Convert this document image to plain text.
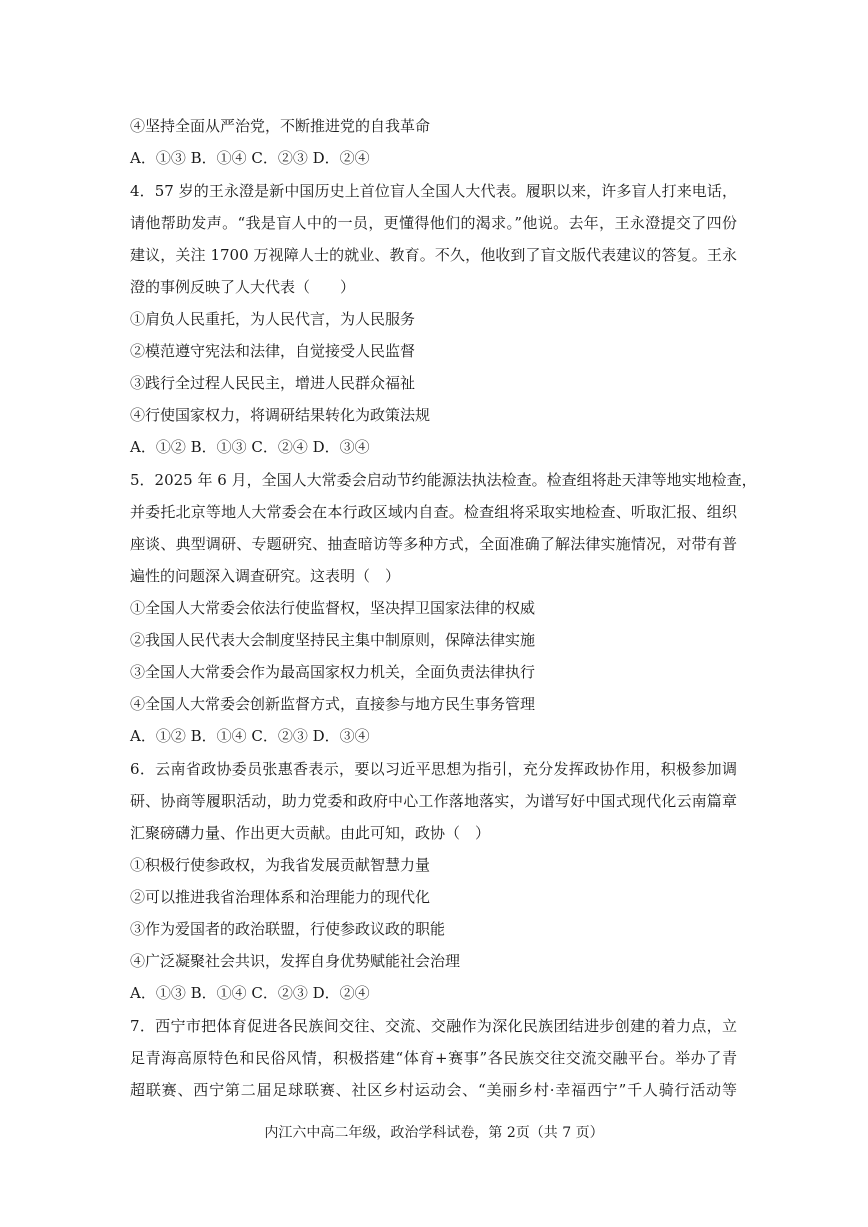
④坚持全面从严治党，不断推进党的自我革命
A．①③ B．①④ C．②③ D．②④
4．57 岁的王永澄是新中国历史上首位盲人全国人大代表。履职以来，许多盲人打来电话，
请他帮助发声。“我是盲人中的一员，更懂得他们的渴求。”他说。去年，王永澄提交了四份
建议，关注 1700 万视障人士的就业、教育。不久，他收到了盲文版代表建议的答复。王永
澄的事例反映了人大代表（　　）
①肩负人民重托，为人民代言，为人民服务
②模范遵守宪法和法律，自觉接受人民监督
③践行全过程人民民主，增进人民群众福祉
④行使国家权力，将调研结果转化为政策法规
A．①② B．①③ C．②④ D．③④
5．2025 年 6 月，全国人大常委会启动节约能源法执法检查。检查组将赴天津等地实地检查，
并委托北京等地人大常委会在本行政区域内自查。检查组将采取实地检查、听取汇报、组织
座谈、典型调研、专题研究、抽查暗访等多种方式，全面准确了解法律实施情况，对带有普
遍性的问题深入调查研究。这表明（　）
①全国人大常委会依法行使监督权，坚决捍卫国家法律的权威
②我国人民代表大会制度坚持民主集中制原则，保障法律实施
③全国人大常委会作为最高国家权力机关，全面负责法律执行
④全国人大常委会创新监督方式，直接参与地方民生事务管理
A．①② B．①④ C．②③ D．③④
6．云南省政协委员张惠香表示，要以习近平思想为指引，充分发挥政协作用，积极参加调
研、协商等履职活动，助力党委和政府中心工作落地落实，为谱写好中国式现代化云南篇章
汇聚磅礴力量、作出更大贡献。由此可知，政协（　）
①积极行使参政权，为我省发展贡献智慧力量
②可以推进我省治理体系和治理能力的现代化
③作为爱国者的政治联盟，行使参政议政的职能
④广泛凝聚社会共识，发挥自身优势赋能社会治理
A．①③ B．①④ C．②③ D．②④
7．西宁市把体育促进各民族间交往、交流、交融作为深化民族团结进步创建的着力点，立
足青海高原特色和民俗风情，积极搭建“体育+赛事”各民族交往交流交融平台。举办了青
超联赛、西宁第二届足球联赛、社区乡村运动会、“美丽乡村·幸福西宁”千人骑行活动等
内江六中高二年级，政治学科试卷，第 2页（共 7 页）
